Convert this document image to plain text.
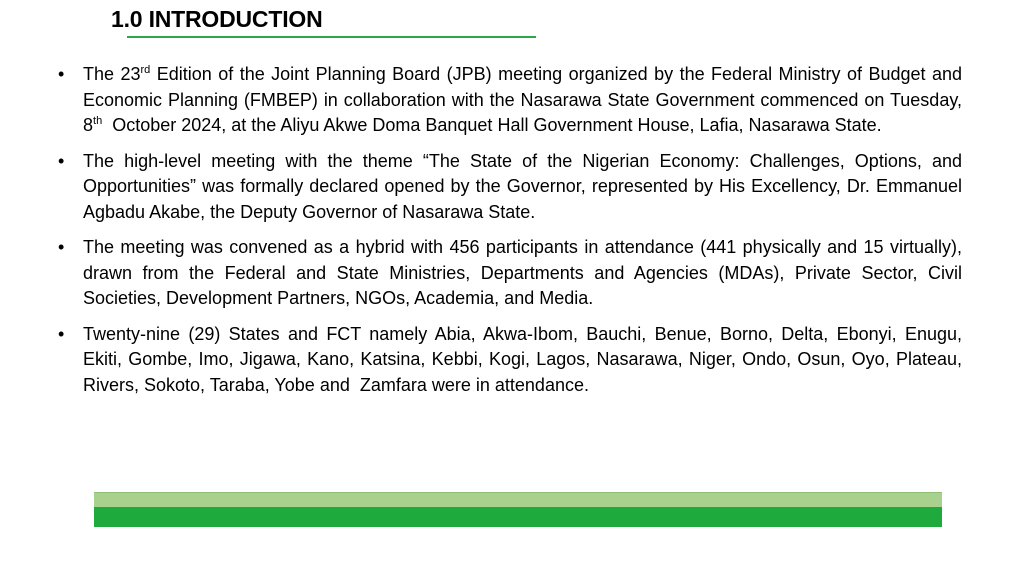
1.0 INTRODUCTION
• The 23rd Edition of the Joint Planning Board (JPB) meeting organized by the Federal Ministry of Budget and Economic Planning (FMBEP) in collaboration with the Nasarawa State Government commenced on Tuesday, 8th  October 2024, at the Aliyu Akwe Doma Banquet Hall Government House, Lafia, Nasarawa State.
• The high-level meeting with the theme “The State of the Nigerian Economy: Challenges, Options, and Opportunities” was formally declared opened by the Governor, represented by His Excellency, Dr. Emmanuel Agbadu Akabe, the Deputy Governor of Nasarawa State.
• The meeting was convened as a hybrid with 456 participants in attendance (441 physically and 15 virtually), drawn from the Federal and State Ministries, Departments and Agencies (MDAs), Private Sector, Civil Societies, Development Partners, NGOs, Academia, and Media.
• Twenty-nine (29) States and FCT namely Abia, Akwa-Ibom, Bauchi, Benue, Borno, Delta, Ebonyi, Enugu, Ekiti, Gombe, Imo, Jigawa, Kano, Katsina, Kebbi, Kogi, Lagos, Nasarawa, Niger, Ondo, Osun, Oyo, Plateau, Rivers, Sokoto, Taraba, Yobe and  Zamfara were in attendance.
